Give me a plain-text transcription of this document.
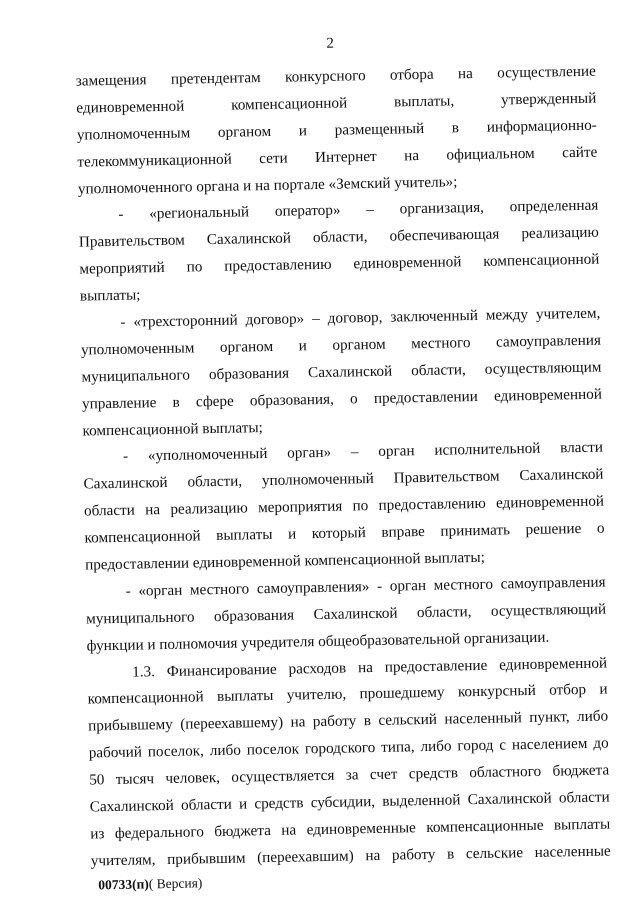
2
замещения претендентам конкурсного отбора на осуществление
единовременной компенсационной выплаты, утвержденный
уполномоченным органом и размещенный в информационно-
телекоммуникационной сети Интернет на официальном сайте
уполномоченного органа и на портале «Земский учитель»;
- «региональный оператор» – организация, определенная
Правительством Сахалинской области, обеспечивающая реализацию
мероприятий по предоставлению единовременной компенсационной
выплаты;
- «трехсторонний договор» – договор, заключенный между учителем,
уполномоченным органом и органом местного самоуправления
муниципального образования Сахалинской области, осуществляющим
управление в сфере образования, о предоставлении единовременной
компенсационной выплаты;
- «уполномоченный орган» – орган исполнительной власти
Сахалинской области, уполномоченный Правительством Сахалинской
области на реализацию мероприятия по предоставлению единовременной
компенсационной выплаты и который вправе принимать решение о
предоставлении единовременной компенсационной выплаты;
- «орган местного самоуправления» - орган местного самоуправления
муниципального образования Сахалинской области, осуществляющий
функции и полномочия учредителя общеобразовательной организации.
1.3. Финансирование расходов на предоставление единовременной
компенсационной выплаты учителю, прошедшему конкурсный отбор и
прибывшему (переехавшему) на работу в сельский населенный пункт, либо
рабочий поселок, либо поселок городского типа, либо город с населением до
50 тысяч человек, осуществляется за счет средств областного бюджета
Сахалинской области и средств субсидии, выделенной Сахалинской области
из федерального бюджета на единовременные компенсационные выплаты
учителям, прибывшим (переехавшим) на работу в сельские населенные
00733(п)( Версия)
